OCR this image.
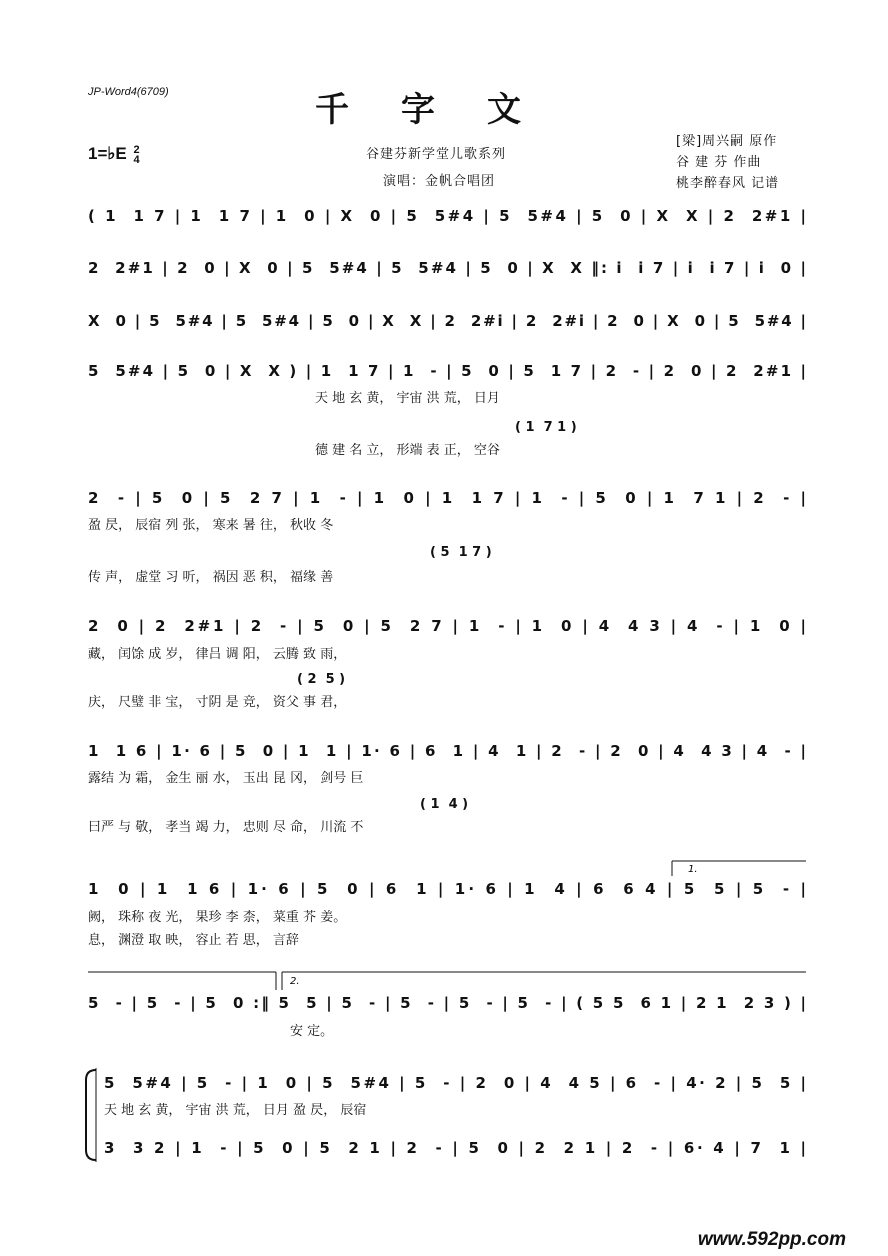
JP-Word4(6709)	千字文
1=♭E 2
4	谷建芬新学堂儿歌系列
演唱：金帆合唱团
[梁]周兴嗣 原作
谷 建 芬 作曲
桃李醉春风 记谱
( 1  1 7 | 1  1 7 | 1  0 | X  0 | 5  5#4 | 5  5#4 | 5  0 | X  X | 2  2#1 |
2  2#1 | 2  0 | X  0 | 5  5#4 | 5  5#4 | 5  0 | X  X ‖: i  i 7 | i  i 7 | i  0 |
X  0 | 5  5#4 | 5  5#4 | 5  0 | X  X | 2  2#i | 2  2#i | 2  0 | X  0 | 5  5#4 |
5  5#4 | 5  0 | X  X ) | 1  1 7 | 1  - | 5  0 | 5  1 7 | 2  - | 2  0 | 2  2#1 |
天 地 玄 黄， 宇宙 洪 荒， 日月
( 1  7 1 )
德 建 名 立， 形端 表 正， 空谷
2  - | 5  0 | 5  2 7 | 1  - | 1  0 | 1  1 7 | 1  - | 5  0 | 1  7 1 | 2  - |
盈 昃， 辰宿 列 张， 寒来 暑 往， 秋收 冬
( 5  1 7 )
传 声， 虚堂 习 听， 祸因 恶 积， 福缘 善
2  0 | 2  2#1 | 2  - | 5  0 | 5  2 7 | 1  - | 1  0 | 4  4 3 | 4  - | 1  0 |
藏， 闰馀 成 岁， 律吕 调 阳， 云腾 致 雨，
( 2  5 )
庆， 尺璧 非 宝， 寸阴 是 竞， 资父 事 君，
1  1 6 | 1· 6 | 5  0 | 1  1 | 1· 6 | 6  1 | 4  1 | 2  - | 2  0 | 4  4 3 | 4  - |
露结 为 霜， 金生 丽 水， 玉出 昆 冈， 剑号 巨
( 1  4 )
曰严 与 敬， 孝当 竭 力， 忠则 尽 命， 川流 不
1.
1  0 | 1  1 6 | 1· 6 | 5  0 | 6  1 | 1· 6 | 1  4 | 6  6 4 | 5  5 | 5  - |
阙， 珠称 夜 光， 果珍 李 柰， 菜重 芥 姜。
息， 渊澄 取 映， 容止 若 思， 言辞
2.
5  - | 5  - | 5  0 :‖ 5  5 | 5  - | 5  - | 5  - | 5  - | ( 5 5  6 1 | 2 1  2 3 ) |
安 定。
5  5#4 | 5  - | 1  0 | 5  5#4 | 5  - | 2  0 | 4  4 5 | 6  - | 4· 2 | 5  5 |
天 地 玄 黄， 宇宙 洪 荒， 日月 盈 昃， 辰宿
3  3 2 | 1  - | 5  0 | 5  2 1 | 2  - | 5  0 | 2  2 1 | 2  - | 6· 4 | 7  1 |
www.592pp.com
